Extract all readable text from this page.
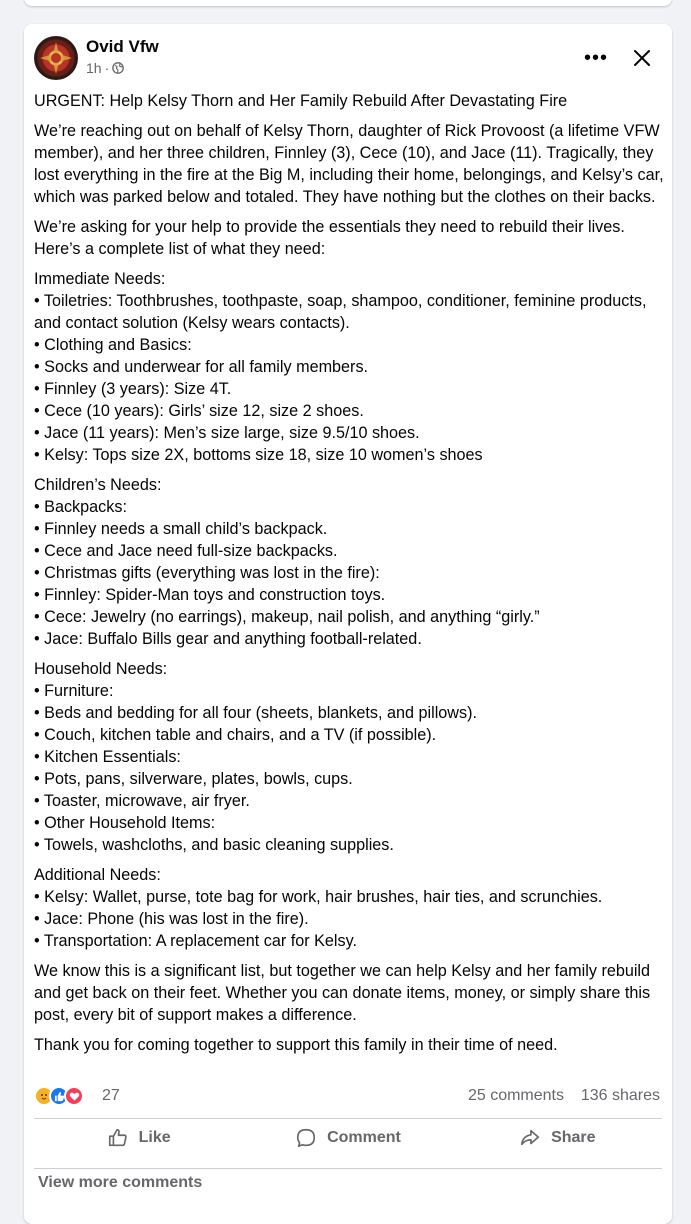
Ovid Vfw
1h ·	•••

URGENT: Help Kelsy Thorn and Her Family Rebuild After Devastating Fire

We’re reaching out on behalf of Kelsy Thorn, daughter of Rick Provoost (a lifetime VFW member), and her three children, Finnley (3), Cece (10), and Jace (11). Tragically, they lost everything in the fire at the Big M, including their home, belongings, and Kelsy’s car, which was parked below and totaled. They have nothing but the clothes on their backs.

We’re asking for your help to provide the essentials they need to rebuild their lives. Here’s a complete list of what they need:

Immediate Needs:
• Toiletries: Toothbrushes, toothpaste, soap, shampoo, conditioner, feminine products, and contact solution (Kelsy wears contacts).
• Clothing and Basics:
• Socks and underwear for all family members.
• Finnley (3 years): Size 4T.
• Cece (10 years): Girls’ size 12, size 2 shoes.
• Jace (11 years): Men’s size large, size 9.5/10 shoes.
• Kelsy: Tops size 2X, bottoms size 18, size 10 women’s shoes
Children’s Needs:
• Backpacks:
• Finnley needs a small child’s backpack.
• Cece and Jace need full-size backpacks.
• Christmas gifts (everything was lost in the fire):
• Finnley: Spider-Man toys and construction toys.
• Cece: Jewelry (no earrings), makeup, nail polish, and anything “girly.”
• Jace: Buffalo Bills gear and anything football-related.
Household Needs:
• Furniture:
• Beds and bedding for all four (sheets, blankets, and pillows).
• Couch, kitchen table and chairs, and a TV (if possible).
• Kitchen Essentials:
• Pots, pans, silverware, plates, bowls, cups.
• Toaster, microwave, air fryer.
• Other Household Items:
• Towels, washcloths, and basic cleaning supplies.
Additional Needs:
• Kelsy: Wallet, purse, tote bag for work, hair brushes, hair ties, and scrunchies.
• Jace: Phone (his was lost in the fire).
• Transportation: A replacement car for Kelsy.

We know this is a significant list, but together we can help Kelsy and her family rebuild and get back on their feet. Whether you can donate items, money, or simply share this post, every bit of support makes a difference.

Thank you for coming together to support this family in their time of need.

27	25 comments 136 shares
Like	Comment	Share
View more comments
